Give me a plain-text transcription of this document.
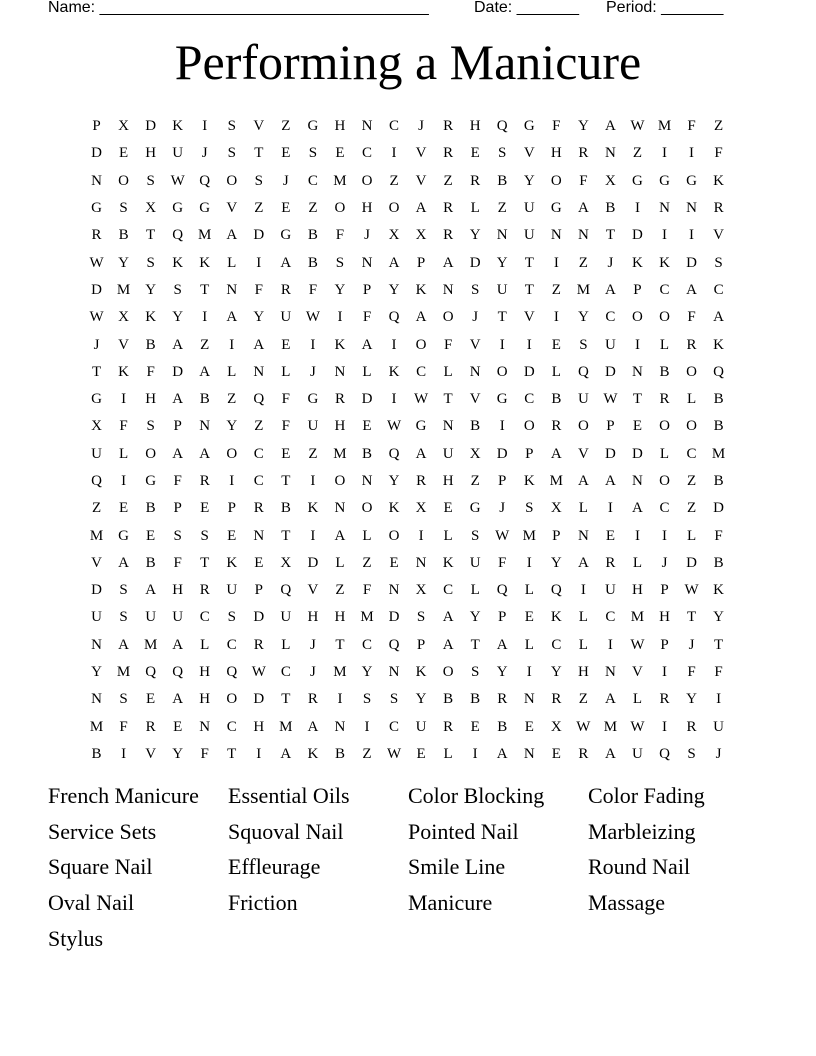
Name: _____________________________________	Date: _______ Period: _______
Performing a Manicure
P	X	D	K	I	S	V	Z	G	H	N	C	J	R	H	Q	G	F	Y	A W M	F	Z
D	E	H	U	J	S	T	E	S	E	C	I	V	R	E	S	V	H	R	N	Z	I	I	F
N	O	S	W Q	O	S	J	C	M O	Z	V	Z	R	B	Y	O	F	X	G	G	G	K
G	S	X	G	G	V	Z	E	Z	O	H	O	A	R	L	Z	U	G	A	B	I	N	N	R
R	B	T	Q M A	D	G	B	F	J	X	X	R	Y	N	U	N	N	T	D	I	I	V
W Y	S	K	K	L	I	A	B	S	N	A	P	A	D	Y	T	I	Z	J	K	K	D	S
D M Y	S	T	N	F	R	F	Y	P	Y	K	N	S	U	T	Z	M A	P	C	A	C
W X	K	Y	I	A	Y	U W	I	F	Q	A	O	J	T	V	I	Y	C	O	O	F	A
J	V	B	A	Z	I	A	E	I	K	A	I	O	F	V	I	I	E	S	U	I	L	R	K
T	K	F	D	A	L	N	L	J	N	L	K	C	L	N	O	D	L	Q	D	N	B	O	Q
G	I	H	A	B	Z	Q	F	G	R	D	I	W	T	V	G	C	B	U W	T	R	L	B
X	F	S	P	N	Y	Z	F	U	H	E	W G	N	B	I	O	R	O	P	E	O	O	B
U	L	O	A	A	O	C	E	Z	M	B	Q	A	U	X	D	P	A	V	D	D	L	C	M
Q	I	G	F	R	I	C	T	I	O	N	Y	R	H	Z	P	K M A	A	N	O	Z	B
Z	E	B	P	E	P	R	B	K	N	O	K	X	E	G	J	S	X	L	I	A	C	Z	D
M G	E	S	S	E	N	T	I	A	L	O	I	L	S	W M	P	N	E	I	I	L	F
V	A	B	F	T	K	E	X	D	L	Z	E	N	K	U	F	I	Y	A	R	L	J	D	B
D	S	A	H	R	U	P	Q	V	Z	F	N	X	C	L	Q	L	Q	I	U	H	P	W K
U	S	U	U	C	S	D	U	H	H M D	S	A	Y	P	E	K	L	C	M H	T	Y
N	A M A	L	C	R	L	J	T	C	Q	P	A	T	A	L	C	L	I	W	P	J	T
Y M Q	Q	H	Q W C	J	M Y	N	K	O	S	Y	I	Y	H	N	V	I	F	F
N	S	E	A	H	O	D	T	R	I	S	S	Y	B	B	R	N	R	Z	A	L	R	Y	I
M	F	R	E	N	C	H M A	N	I	C	U	R	E	B	E	X W M W	I	R	U
B	I	V	Y	F	T	I	A	K	B	Z	W	E	L	I	A	N	E	R	A	U	Q	S	J
French Manicure	Essential Oils	Color Blocking	Color Fading
Service Sets	Squoval Nail	Pointed Nail	Marbleizing
Square Nail	Effleurage	Smile Line	Round Nail
Oval Nail	Friction	Manicure	Massage
Stylus
